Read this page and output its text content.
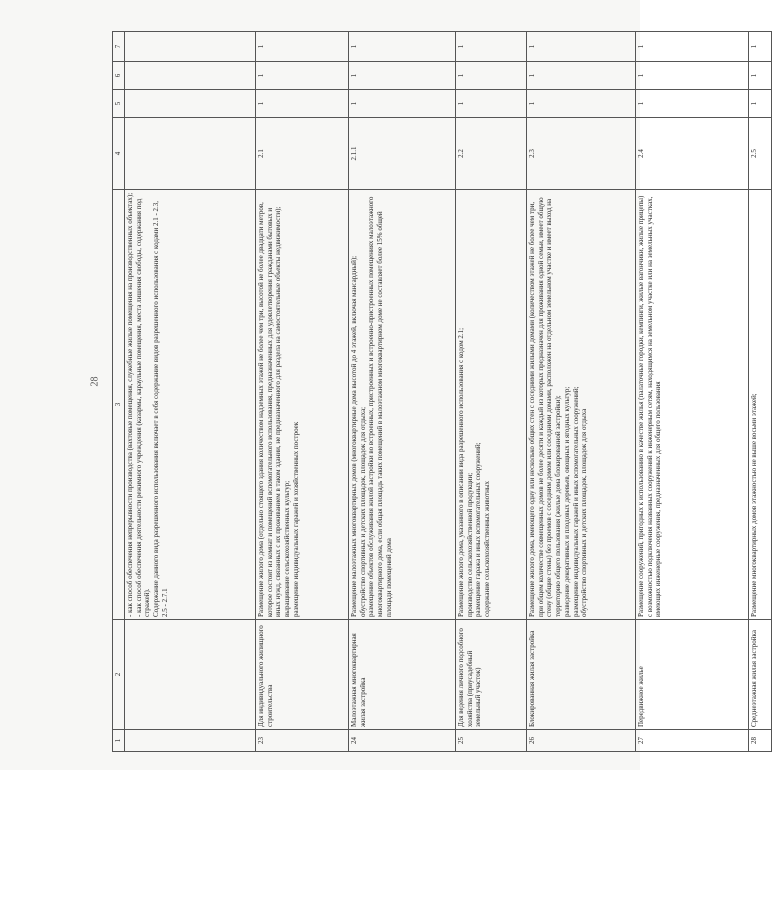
28
1	2	3	4	5	6	7

		- как способ обеспечения непрерывности производства (вахтовые помещения, служебные жилые помещения на производственных объектах); - как способ обеспечения деятельности режимного учреждения (казармы, караульные помещения, места лишения свободы, содержания под стражей). Содержание данного вида разрешенного использования включает в себя содержание видов разрешенного использования с кодами 2.1 - 2.3, 2.5 - 2.7.1				

23	Для индивидуального жилищного строительства	Размещение жилого дома (отдельно стоящего здания количеством надземных этажей не более чем три, высотой не более двадцати метров, которое состоит из комнат и помещений вспомогательного использования, предназначенных для удовлетворения гражданами бытовых и иных нужд, связанных с их проживанием в таком здании, не предназначенного для раздела на самостоятельные объекты недвижимости); выращивание сельскохозяйственных культур; размещение индивидуальных гаражей и хозяйственных построек	2.1	1	1	1
24	Малоэтажная многоквартирная жилая застройка	Размещение малоэтажных многоквартирных домов (многоквартирные дома высотой до 4 этажей, включая мансардный); обустройство спортивных и детских площадок, площадок для отдыха; размещение объектов обслуживания жилой застройки во встроенных, пристроенных и встроенно-пристроенных помещениях малоэтажного многоквартирного дома, если общая площадь таких помещений в малоэтажном многоквартирном доме не составляет более 15% общей площади помещений дома	2.1.1	1	1	1
25	Для ведения личного подсобного хозяйства (приусадебный земельный участок)	Размещение жилого дома, указанного в описании вида разрешенного использования с кодом 2.1; производство сельскохозяйственной продукции; размещение гаража и иных вспомогательных сооружений; содержание сельскохозяйственных животных	2.2	1	1	1
26	Блокированная жилая застройка	Размещение жилого дома, имеющего одну или несколько общих стен с соседними жилыми домами (количеством этажей не более чем три, при общем количестве совмещенных домов не более десяти и каждый из которых предназначен для проживания одной семьи, имеет общую стену (общие стены) без проемов с соседним домом или соседними домами, расположен на отдельном земельном участке и имеет выход на территорию общего пользования (жилые дома блокированной застройки); разведение декоративных и плодовых деревьев, овощных и ягодных культур; размещение индивидуальных гаражей и иных вспомогательных сооружений; обустройство спортивных и детских площадок, площадок для отдыха	2.3	1	1	1
27	Передвижное жилье	Размещение сооружений, пригодных к использованию в качестве жилья (палаточные городки, кемпинги, жилые вагончики, жилые прицепы) с возможностью подключения названных сооружений к инженерным сетям, находящимся на земельном участке или на земельных участках, имеющих инженерные сооружения, предназначенных для общего пользования	2.4	1	1	1
28	Среднеэтажная жилая застройка	Размещение многоквартирных домов этажностью не выше восьми этажей;	2.5	1	1	1
